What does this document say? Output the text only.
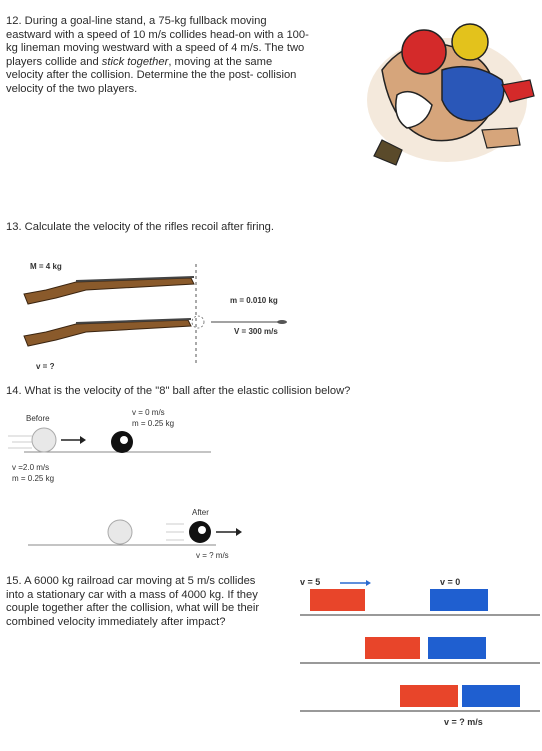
12. During a goal-line stand, a 75-kg fullback moving eastward with a speed of 10 m/s collides head-on with a 100-kg lineman moving westward with a speed of 4 m/s. The two players collide and stick together, moving at the same velocity after the collision. Determine the the post- collision velocity of the two players.
13. Calculate the velocity of the rifles recoil after firing.
M = 4 kg
m = 0.010 kg
V = 300 m/s
v = ?
14. What is the velocity of the "8" ball after the elastic collision below?
Before
v = 0 m/s
m = 0.25 kg
v =2.0 m/s
m = 0.25 kg
After
v = ? m/s
15. A 6000 kg railroad car moving at 5 m/s collides into a stationary car with a mass of 4000 kg. If they couple together after the collision, what will be their combined velocity immediately after impact?
v = 5	v = 0
v = ? m/s
